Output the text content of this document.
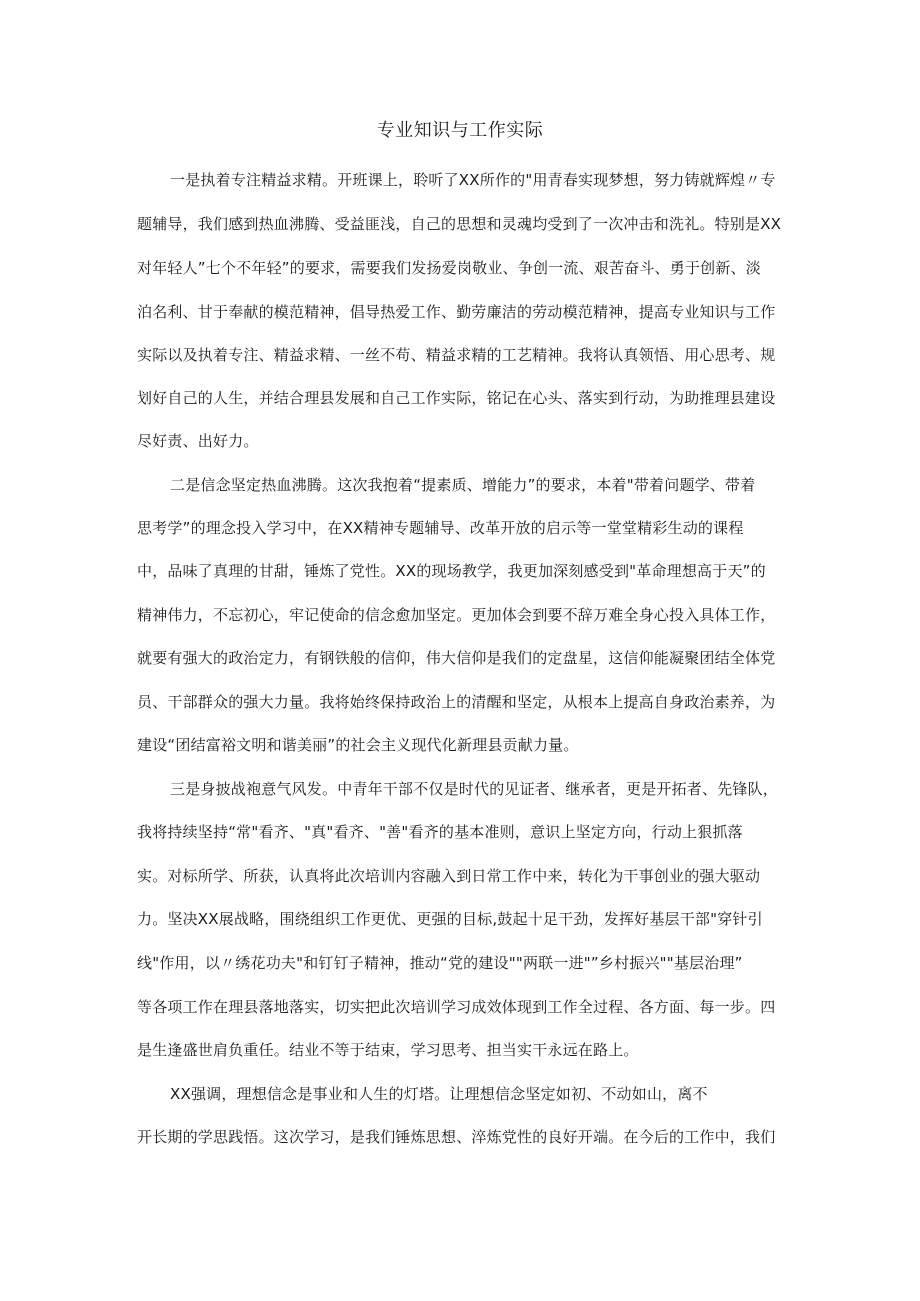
专业知识与工作实际
一是执着专注精益求精。开班课上，聆听了XX所作的"用青春实现梦想，努力铸就辉煌〃专
题辅导，我们感到热血沸腾、受益匪浅，自己的思想和灵魂均受到了一次冲击和洗礼。特别是XX
对年轻人”七个不年轻”的要求，需要我们发扬爱岗敬业、争创一流、艰苦奋斗、勇于创新、淡
泊名利、甘于奉献的模范精神，倡导热爱工作、勤劳廉洁的劳动模范精神，提高专业知识与工作
实际以及执着专注、精益求精、一丝不苟、精益求精的工艺精神。我将认真领悟、用心思考、规
划好自己的人生，并结合理县发展和自己工作实际，铭记在心头、落实到行动，为助推理县建设
尽好责、出好力。
二是信念坚定热血沸腾。这次我抱着“提素质、增能力”的要求，本着"带着问题学、带着
思考学”的理念投入学习中，在XX精神专题辅导、改革开放的启示等一堂堂精彩生动的课程
中，品味了真理的甘甜，锤炼了党性。XX的现场教学，我更加深刻感受到"革命理想高于天”的
精神伟力，不忘初心，牢记使命的信念愈加坚定。更加体会到要不辞万难全身心投入具体工作，
就要有强大的政治定力，有钢铁般的信仰，伟大信仰是我们的定盘星，这信仰能凝聚团结全体党
员、干部群众的强大力量。我将始终保持政治上的清醒和坚定，从根本上提高自身政治素养，为
建设“团结富裕文明和谐美丽”的社会主义现代化新理县贡献力量。
三是身披战袍意气风发。中青年干部不仅是时代的见证者、继承者，更是开拓者、先锋队，
我将持续坚持“常"看齐、"真"看齐、"善"看齐的基本准则，意识上坚定方向，行动上狠抓落
实。对标所学、所获，认真将此次培训内容融入到日常工作中来，转化为干事创业的强大驱动
力。坚决XX展战略，围绕组织工作更优、更强的目标,鼓起十足干劲，发挥好基层干部"穿针引
线"作用，以〃绣花功夫"和钉钉子精神，推动“党的建设""两联一进"”乡村振兴""基层治理”
等各项工作在理县落地落实，切实把此次培训学习成效体现到工作全过程、各方面、每一步。四
是生逢盛世肩负重任。结业不等于结束，学习思考、担当实干永远在路上。
XX强调，理想信念是事业和人生的灯塔。让理想信念坚定如初、不动如山，离不
开长期的学思践悟。这次学习，是我们锤炼思想、淬炼党性的良好开端。在今后的工作中，我们
